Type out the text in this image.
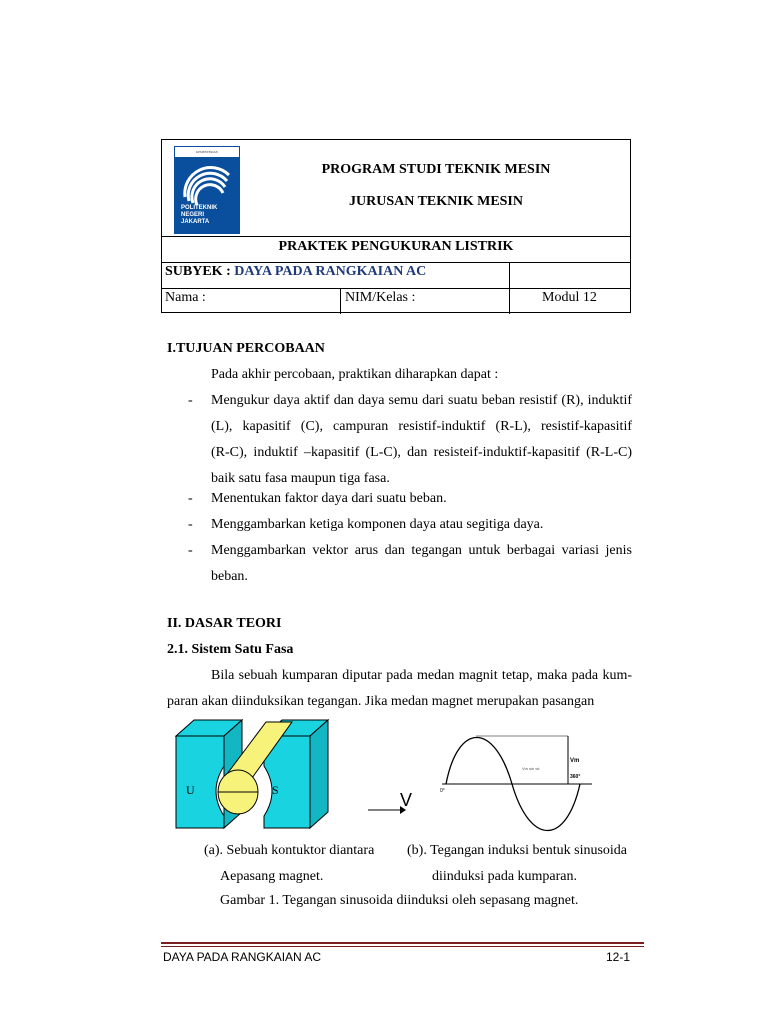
KEMENTERIAN
POLITEKNIK NEGERI JAKARTA
PROGRAM STUDI TEKNIK MESIN
JURUSAN TEKNIK MESIN
PRAKTEK PENGUKURAN LISTRIK
SUBYEK : DAYA PADA RANGKAIAN AC
Nama :	NIM/Kelas :	Modul 12
I.TUJUAN PERCOBAAN
Pada akhir percobaan, praktikan diharapkan dapat :
- Mengukur daya aktif dan daya semu dari suatu beban resistif (R), induktif
(L), kapasitif (C), campuran resistif-induktif (R-L), resistif-kapasitif
(R-C), induktif –kapasitif (L-C), dan resisteif-induktif-kapasitif (R-L-C)
baik satu fasa maupun tiga fasa.
- Menentukan faktor daya dari suatu beban.
- Menggambarkan ketiga komponen daya atau segitiga daya.
- Menggambarkan vektor arus dan tegangan untuk berbagai variasi jenis
beban.
II. DASAR TEORI
2.1. Sistem Satu Fasa
Bila sebuah kumparan diputar pada medan magnit tetap, maka pada kum-
paran akan diinduksikan tegangan. Jika medan magnet merupakan pasangan
U	S	V
Vm
360°
0°
Vm sin wt
(a). Sebuah kontuktor diantara
Aepasang magnet.
(b). Tegangan induksi bentuk sinusoida
diinduksi pada kumparan.
Gambar 1. Tegangan sinusoida diinduksi oleh sepasang magnet.
DAYA PADA RANGKAIAN AC	12-1
